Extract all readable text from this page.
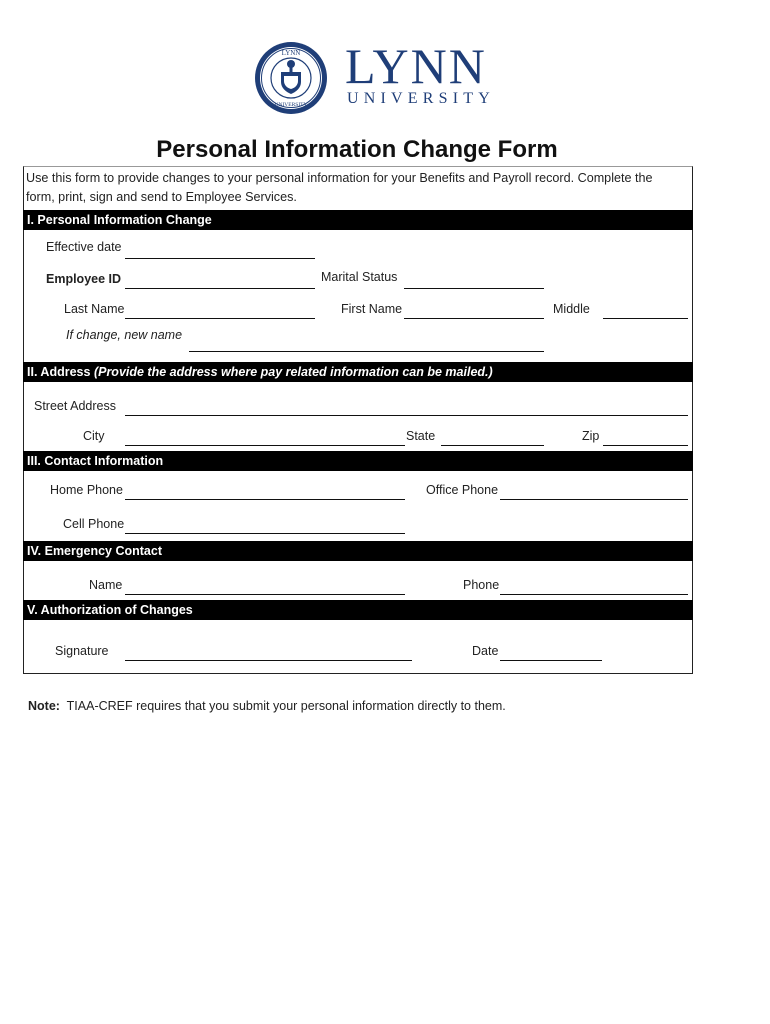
LYNN
UNIVERSITY
LYNN
UNIVERSITY
Personal Information Change Form
Use this form to provide changes to your personal information for your Benefits and Payroll record. Complete the
form, print, sign and send to Employee Services.
I. Personal Information Change
Effective date
Employee ID	Marital Status
Last Name	First Name	Middle
If change, new name
II. Address (Provide the address where pay related information can be mailed.)
Street Address
City	State	Zip
III. Contact Information
Home Phone	Office Phone
Cell Phone
IV. Emergency Contact
Name	Phone
V. Authorization of Changes
Signature	Date
Note:  TIAA-CREF requires that you submit your personal information directly to them.
